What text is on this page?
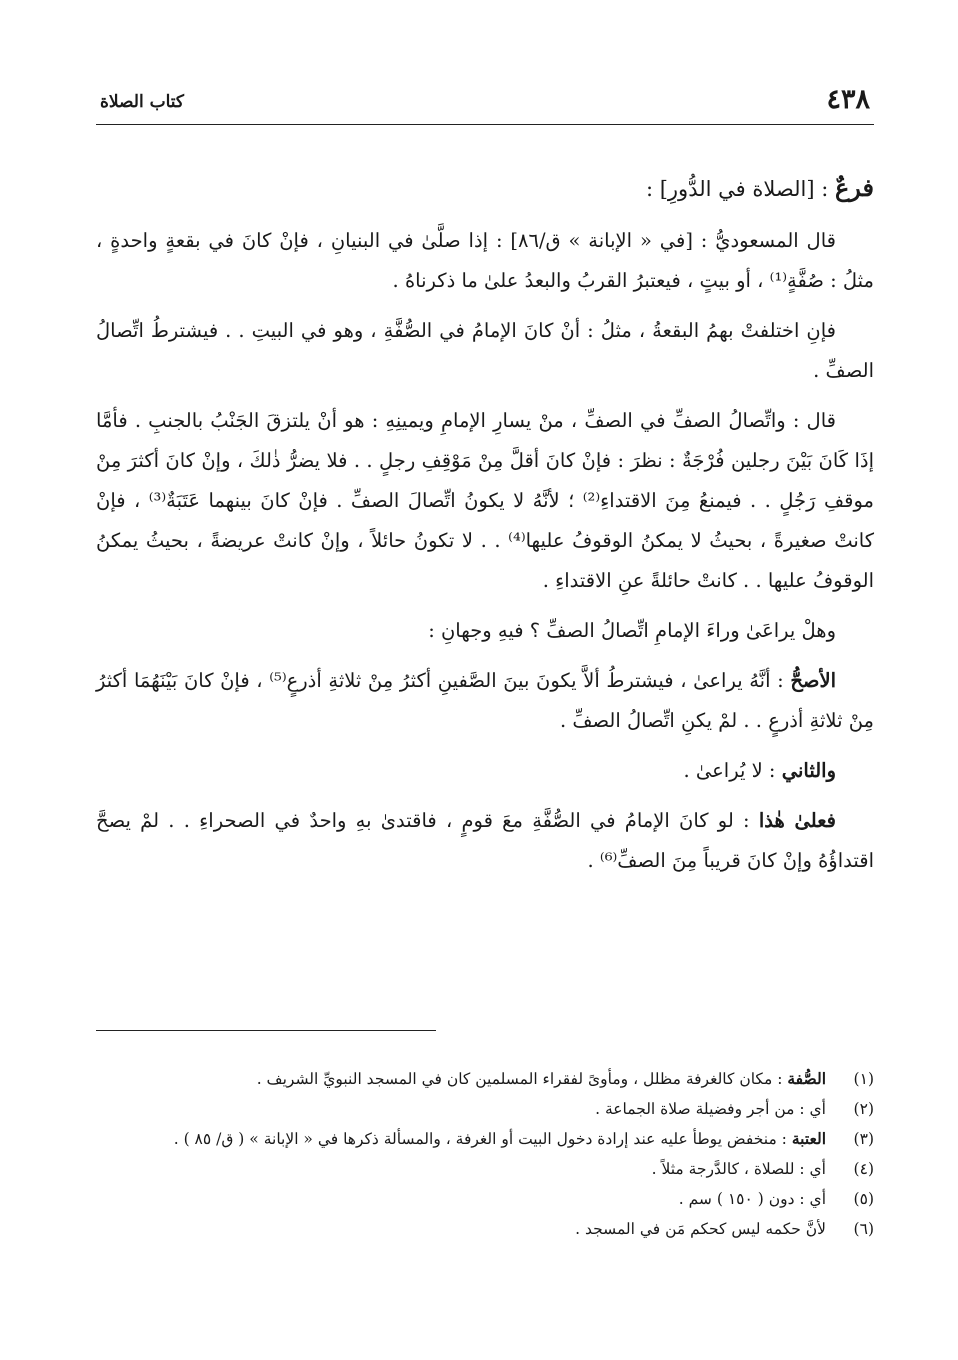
٤٣٨
كتاب الصلاة

فرعٌ : [الصلاة في الدُّورِ] :

قال المسعوديُّ : [في « الإبانة » ق/٨٦] : إذا صلَّىٰ في البنيانِ ، فإنْ كانَ في بقعةٍ واحدةٍ ، مثلُ : صُفَّةٍ⁽¹⁾ ، أو بيتٍ ، فيعتبرُ القربُ والبعدُ علىٰ ما ذكرناهُ .

فإنِ اختلفتْ بهمُ البقعةُ ، مثلُ : أنْ كانَ الإمامُ في الصُّفَّةِ ، وهو في البيتِ . . فيشترطُ اتِّصالُ الصفِّ .

قال : واتِّصالُ الصفِّ في الصفِّ ، منْ يسارِ الإمامِ ويمينِهِ : هو أنْ يلتزقَ الجَنْبُ بالجنبِ . فأمَّا إذَا كَانَ بَيْنَ رجلين فُرْجَةٌ : نظرَ : فإنْ كانَ أقلَّ مِنْ مَوْقِفِ رجلٍ . . فلا يضرُّ ذٰلكَ ، وإنْ كانَ أكثرَ مِنْ موقفِ رَجُلٍ . . فيمنعُ مِنَ الاقتداءِ⁽²⁾ ؛ لأنَّهُ لا يكونُ اتِّصالَ الصفِّ . فإنْ كانَ بينهما عَتَبَةٌ⁽³⁾ ، فإنْ كانتْ صغيرةً ، بحيثُ لا يمكنُ الوقوفُ عليها⁽⁴⁾ . . لا تكونُ حائلاً ، وإنْ كانتْ عريضةً ، بحيثُ يمكنُ الوقوفُ عليها . . كانتْ حائلةً عنِ الاقتداءِ .

وهلْ يراعَىٰ وراءَ الإمامِ اتِّصالُ الصفِّ ؟ فيهِ وجهانِ :

الأصحُّ : أنَّهُ يراعىٰ ، فيشترطُ ألاَّ يكونَ بينَ الصَّفينِ أكثرُ مِنْ ثلاثةِ أذرعٍ⁽⁵⁾ ، فإنْ كانَ بَيْنَهُمَا أكثرُ مِنْ ثلاثةِ أذرعٍ . . لمْ يكنِ اتِّصالُ الصفِّ .

والثاني : لا يُراعىٰ .

فعلىٰ هٰذا : لو كانَ الإمامُ في الصُّفَّةِ معَ قومٍ ، فاقتدىٰ بهِ واحدٌ في الصحراءِ . . لمْ يصحَّ اقتداؤُهُ وإنْ كانَ قريباً مِنَ الصفِّ⁽⁶⁾ .

(١)
الصُّفة : مكان كالغرفة مظلل ، ومأوىً لفقراء المسلمين كان في المسجد النبويِّ الشريف .
(٢)
أي : من أجر وفضيلة صلاة الجماعة .
(٣)
العتبة : منخفض يوطأ عليه عند إرادة دخول البيت أو الغرفة ، والمسألة ذكرها في « الإبانة » ( ق/ ٨٥ ) .
(٤)
أي : للصلاة ، كالدَّرجة مثلاً .
(٥)
أي : دون ( ١٥٠ ) سم .
(٦)
لأنَّ حكمه ليس كحكم مَن في المسجد .
